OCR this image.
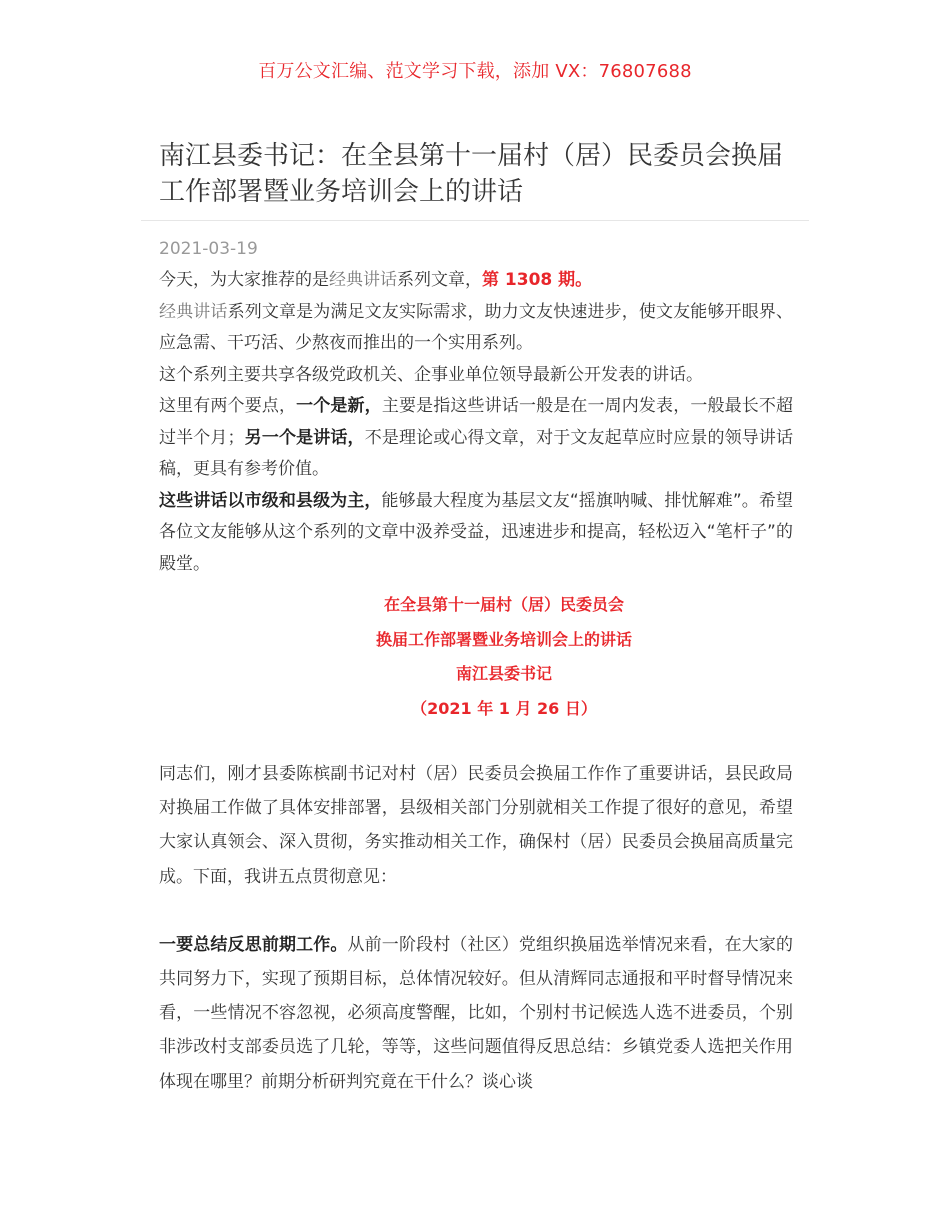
百万公文汇编、范文学习下载，添加 VX：76807688
南江县委书记：在全县第十一届村（居）民委员会换届工作部署暨业务培训会上的讲话
2021-03-19

今天，为大家推荐的是经典讲话系列文章，第 1308 期。

经典讲话系列文章是为满足文友实际需求，助力文友快速进步，使文友能够开眼界、应急需、干巧活、少熬夜而推出的一个实用系列。

这个系列主要共享各级党政机关、企事业单位领导最新公开发表的讲话。

这里有两个要点，一个是新，主要是指这些讲话一般是在一周内发表，一般最长不超过半个月；另一个是讲话，不是理论或心得文章，对于文友起草应时应景的领导讲话稿，更具有参考价值。

这些讲话以市级和县级为主，能够最大程度为基层文友“摇旗呐喊、排忧解难”。希望各位文友能够从这个系列的文章中汲养受益，迅速进步和提高，轻松迈入“笔杆子”的殿堂。

在全县第十一届村（居）民委员会
换届工作部署暨业务培训会上的讲话
南江县委书记
（2021 年 1 月 26 日）

同志们，刚才县委陈槟副书记对村（居）民委员会换届工作作了重要讲话，县民政局对换届工作做了具体安排部署，县级相关部门分别就相关工作提了很好的意见，希望大家认真领会、深入贯彻，务实推动相关工作，确保村（居）民委员会换届高质量完成。下面，我讲五点贯彻意见：

一要总结反思前期工作。从前一阶段村（社区）党组织换届选举情况来看，在大家的共同努力下，实现了预期目标，总体情况较好。但从清辉同志通报和平时督导情况来看，一些情况不容忽视，必须高度警醒，比如，个别村书记候选人选不进委员，个别非涉改村支部委员选了几轮，等等，这些问题值得反思总结：乡镇党委人选把关作用体现在哪里？前期分析研判究竟在干什么？谈心谈
